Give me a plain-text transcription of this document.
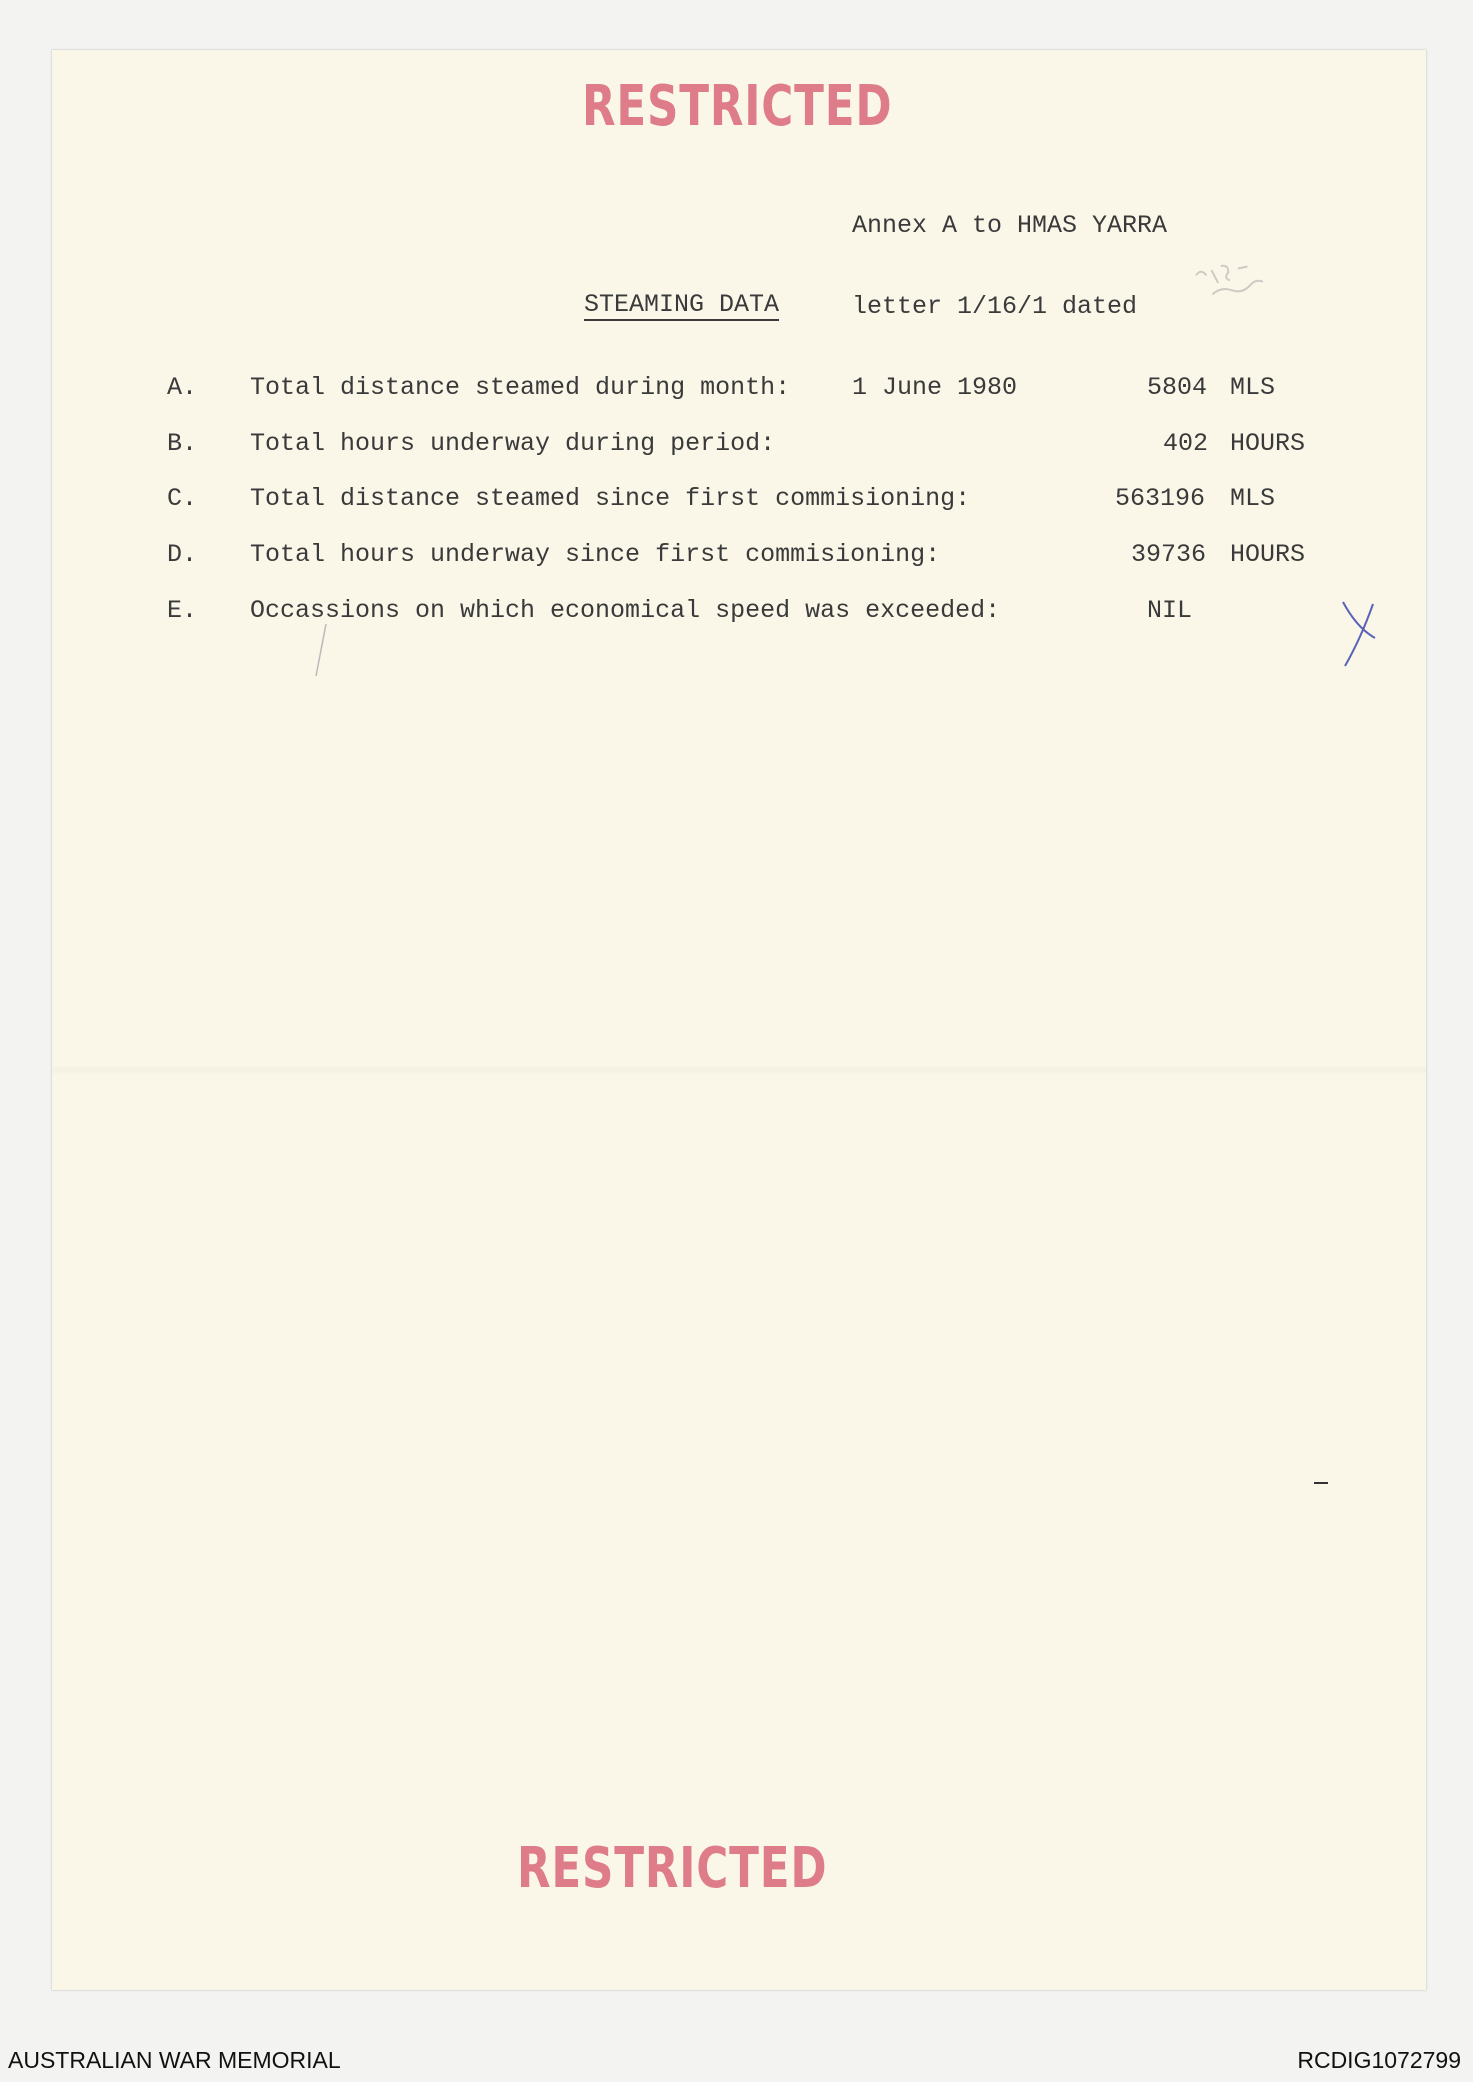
RESTRICTED

Annex A to HMAS YARRA

letter 1/16/1 dated

1 June 1980

STEAMING DATA
A. Total distance steamed during month:	5804 MLS
B. Total hours underway during period:	402 HOURS
C. Total distance steamed since first commisioning:	563196 MLS
D. Total hours underway since first commisioning:	39736 HOURS
E. Occassions on which economical speed was exceeded:	NIL
RESTRICTED
AUSTRALIAN WAR MEMORIAL	RCDIG1072799
